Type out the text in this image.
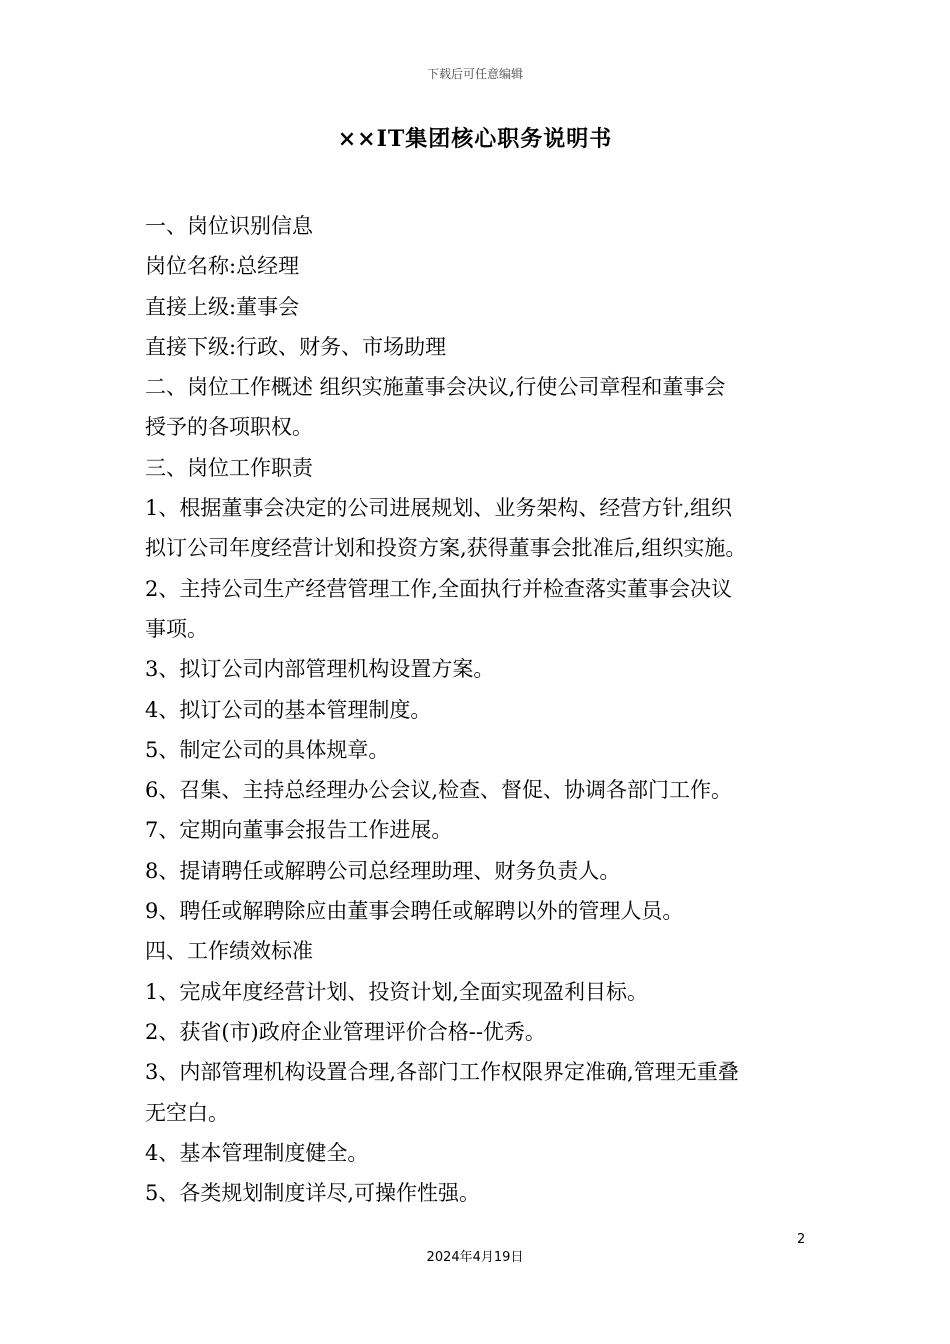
下载后可任意编辑
××IT集团核心职务说明书
一、岗位识别信息
岗位名称:总经理
直接上级:董事会
直接下级:行政、财务、市场助理
二、岗位工作概述 组织实施董事会决议,行使公司章程和董事会
授予的各项职权。
三、岗位工作职责
1、根据董事会决定的公司进展规划、业务架构、经营方针,组织
拟订公司年度经营计划和投资方案,获得董事会批准后,组织实施。
2、主持公司生产经营管理工作,全面执行并检查落实董事会决议
事项。
3、拟订公司内部管理机构设置方案。
4、拟订公司的基本管理制度。
5、制定公司的具体规章。
6、召集、主持总经理办公会议,检查、督促、协调各部门工作。
7、定期向董事会报告工作进展。
8、提请聘任或解聘公司总经理助理、财务负责人。
9、聘任或解聘除应由董事会聘任或解聘以外的管理人员。
四、工作绩效标准
1、完成年度经营计划、投资计划,全面实现盈利目标。
2、获省(市)政府企业管理评价合格--优秀。
3、内部管理机构设置合理,各部门工作权限界定准确,管理无重叠
无空白。
4、基本管理制度健全。
5、各类规划制度详尽,可操作性强。
2
2024年4月19日
